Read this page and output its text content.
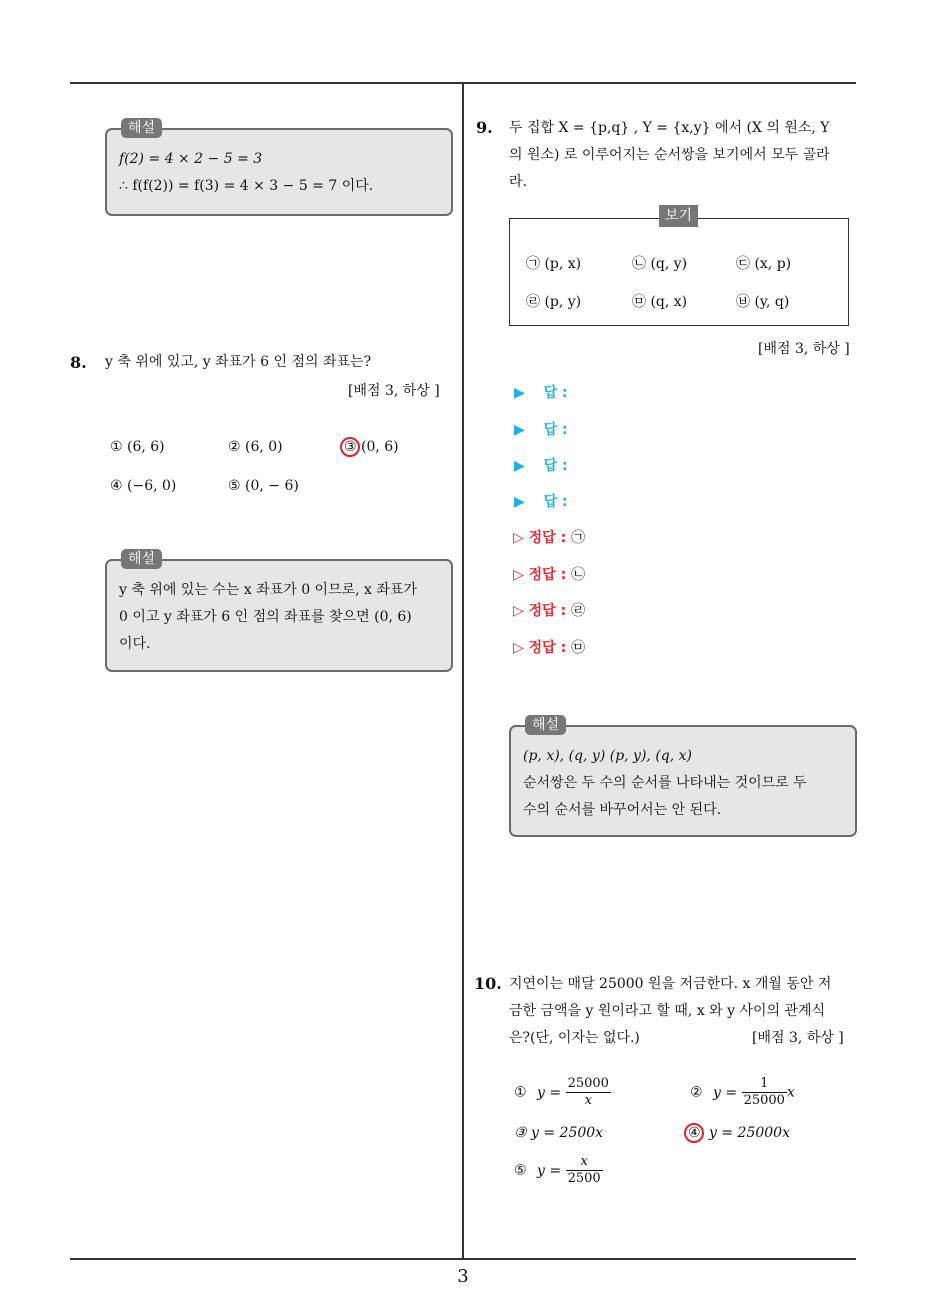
해설
f(2) = 4 × 2 − 5 = 3
∴ f(f(2)) = f(3) = 4 × 3 − 5 = 7 이다.
8. y 축 위에 있고, y 좌표가 6 인 점의 좌표는?
[배점 3, 하상 ]
① (6, 6)	② (6, 0)	③ (0, 6)
④ (−6, 0)	⑤ (0, − 6)
해설
y 축 위에 있는 수는 x 좌표가 0 이므로, x 좌표가
0 이고 y 좌표가 6 인 점의 좌표를 찾으면 (0, 6)
이다.
9. 두 집합 X = {p,q} , Y = {x,y} 에서 (X 의 원소, Y
의 원소) 로 이루어지는 순서쌍을 보기에서 모두 골라
라.
보기
㉠ (p, x)	㉡ (q, y)	㉢ (x, p)
㉣ (p, y)	㉤ (q, x)	㉥ (y, q)
[배점 3, 하상 ]
▶ 답 :
▶ 답 :
▶ 답 :
▶ 답 :
▷ 정답 : ㉠
▷ 정답 : ㉡
▷ 정답 : ㉣
▷ 정답 : ㉤
해설
(p, x), (q, y) (p, y), (q, x)
순서쌍은 두 수의 순서를 나타내는 것이므로 두
수의 순서를 바꾸어서는 안 된다.
10. 지연이는 매달 25000 원을 저금한다. x 개월 동안 저
금한 금액을 y 원이라고 할 때, x 와 y 사이의 관계식
은?(단, 이자는 없다.)	[배점 3, 하상 ]
① $y = \frac{25000}{x}$	② $y = \frac{1}{25000}$ x
③ y = 2500x	④ y = 25000x
⑤ $y = \frac{x}{2500}$
3
